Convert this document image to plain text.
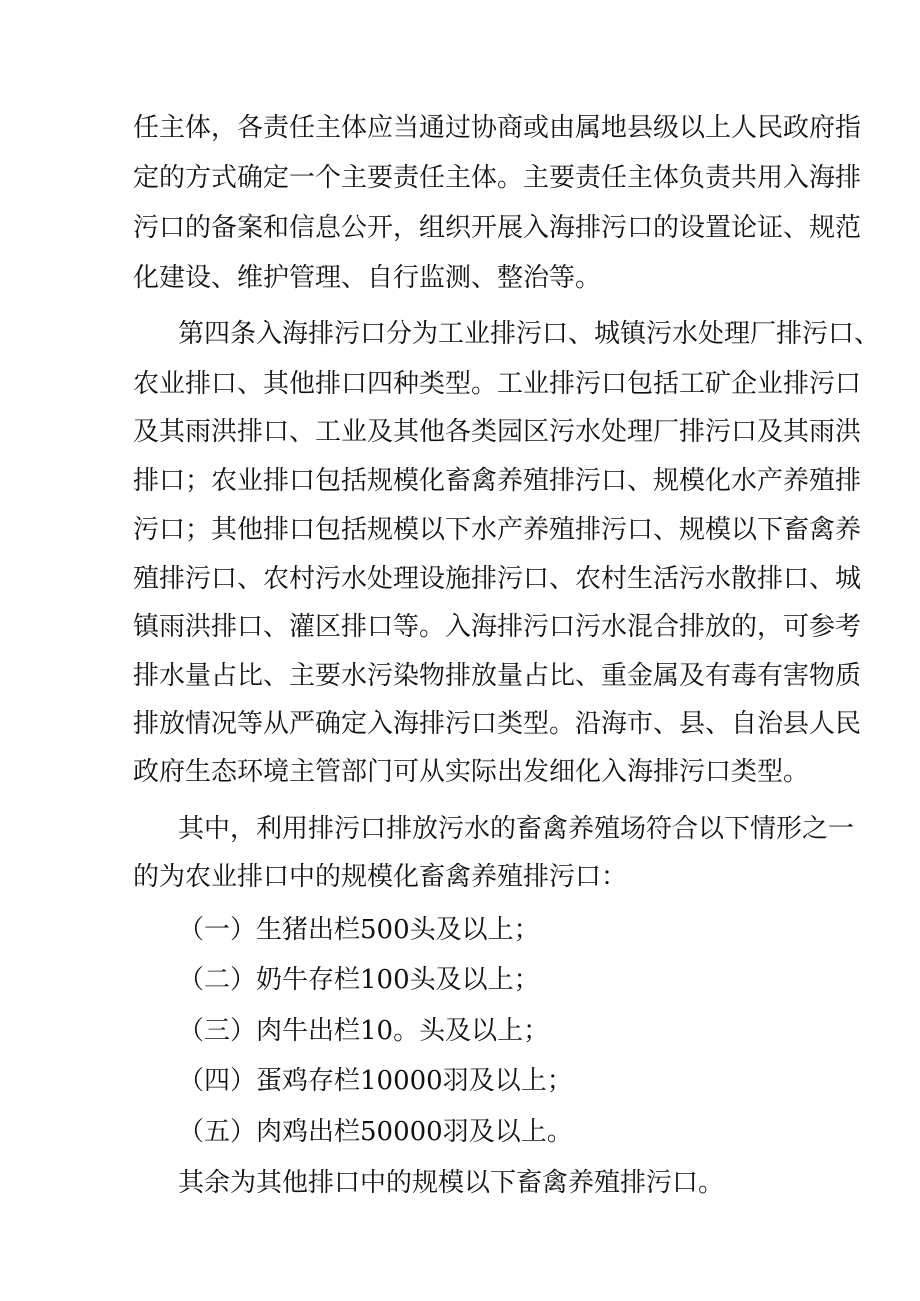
任主体，各责任主体应当通过协商或由属地县级以上人民政府指
定的方式确定一个主要责任主体。主要责任主体负责共用入海排
污口的备案和信息公开，组织开展入海排污口的设置论证、规范
化建设、维护管理、自行监测、整治等。
第四条入海排污口分为工业排污口、城镇污水处理厂排污口、
农业排口、其他排口四种类型。工业排污口包括工矿企业排污口
及其雨洪排口、工业及其他各类园区污水处理厂排污口及其雨洪
排口；农业排口包括规模化畜禽养殖排污口、规模化水产养殖排
污口；其他排口包括规模以下水产养殖排污口、规模以下畜禽养
殖排污口、农村污水处理设施排污口、农村生活污水散排口、城
镇雨洪排口、灌区排口等。入海排污口污水混合排放的，可参考
排水量占比、主要水污染物排放量占比、重金属及有毒有害物质
排放情况等从严确定入海排污口类型。沿海市、县、自治县人民
政府生态环境主管部门可从实际出发细化入海排污口类型。
其中，利用排污口排放污水的畜禽养殖场符合以下情形之一
的为农业排口中的规模化畜禽养殖排污口：
（一）生猪出栏500头及以上；
（二）奶牛存栏100头及以上；
（三）肉牛出栏10。头及以上；
（四）蛋鸡存栏10000羽及以上；
（五）肉鸡出栏50000羽及以上。
其余为其他排口中的规模以下畜禽养殖排污口。
